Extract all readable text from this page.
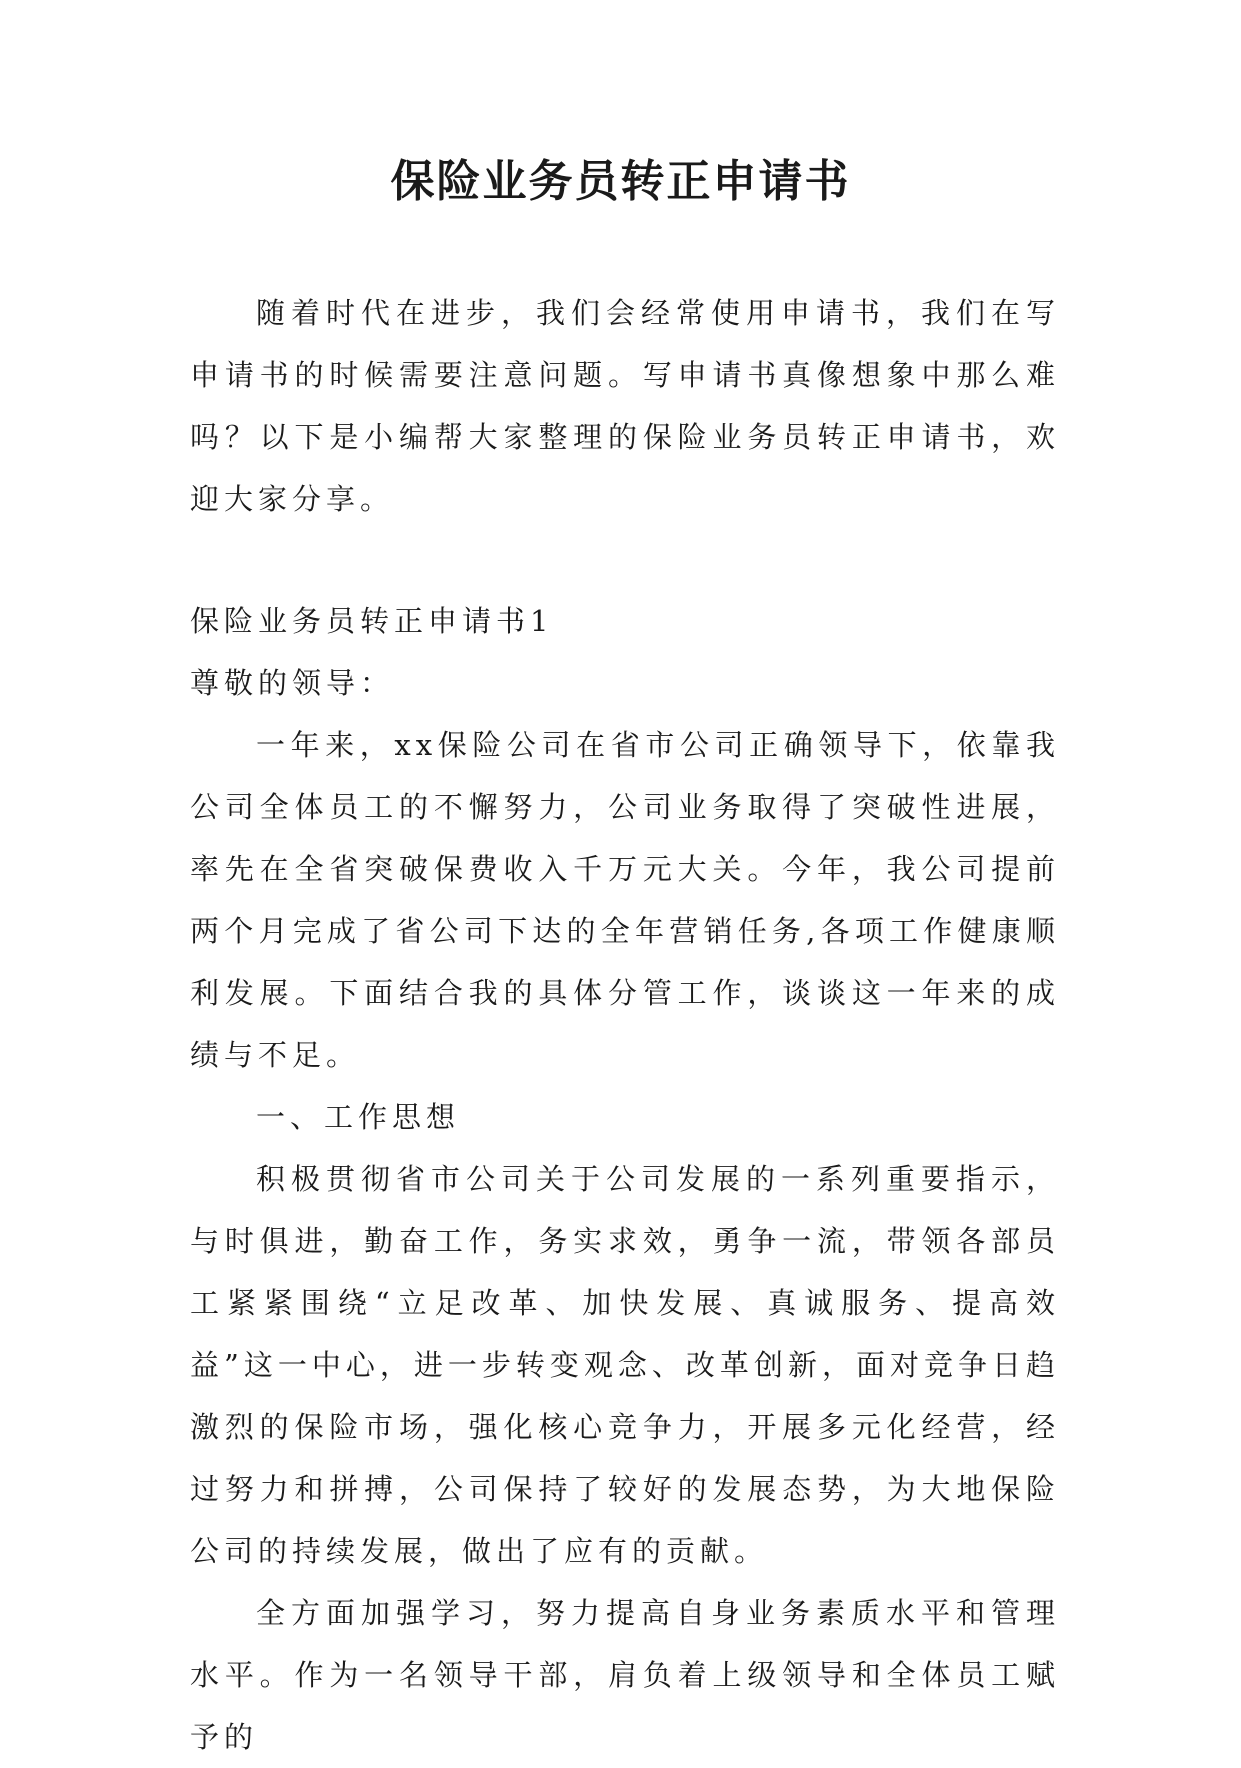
保险业务员转正申请书

随着时代在进步，我们会经常使用申请书，我们在写申请书的时候需要注意问题。写申请书真像想象中那么难吗？以下是小编帮大家整理的保险业务员转正申请书，欢迎大家分享。

保险业务员转正申请书1

尊敬的领导：

一年来，xx保险公司在省市公司正确领导下，依靠我公司全体员工的不懈努力，公司业务取得了突破性进展，率先在全省突破保费收入千万元大关。今年，我公司提前两个月完成了省公司下达的全年营销任务,各项工作健康顺利发展。下面结合我的具体分管工作，谈谈这一年来的成绩与不足。

一、工作思想

积极贯彻省市公司关于公司发展的一系列重要指示，与时俱进，勤奋工作，务实求效，勇争一流，带领各部员工紧紧围绕“立足改革、加快发展、真诚服务、提高效益”这一中心，进一步转变观念、改革创新，面对竞争日趋激烈的保险市场，强化核心竞争力，开展多元化经营，经过努力和拼搏，公司保持了较好的发展态势，为大地保险公司的持续发展，做出了应有的贡献。

全方面加强学习，努力提高自身业务素质水平和管理水平。作为一名领导干部，肩负着上级领导和全体员工赋予的
